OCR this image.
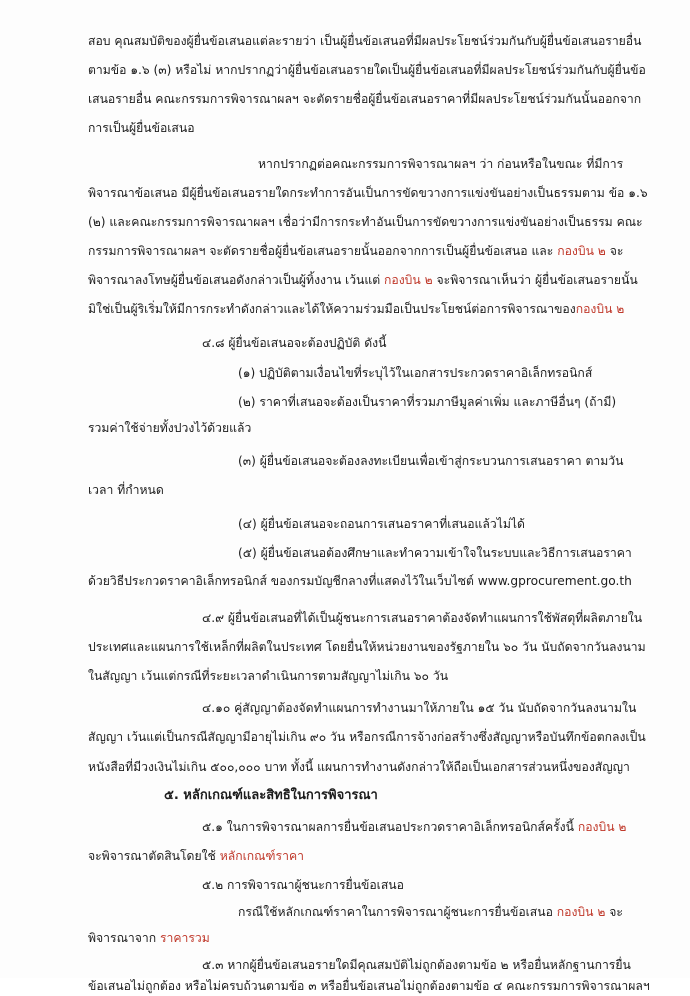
สอบ คุณสมบัติของผู้ยื่นข้อเสนอแต่ละรายว่า เป็นผู้ยื่นข้อเสนอที่มีผลประโยชน์ร่วมกันกับผู้ยื่นข้อเสนอรายอื่น
ตามข้อ ๑.๖ (๓) หรือไม่ หากปรากฏว่าผู้ยื่นข้อเสนอรายใดเป็นผู้ยื่นข้อเสนอที่มีผลประโยชน์ร่วมกันกับผู้ยื่นข้อ
เสนอรายอื่น คณะกรรมการพิจารณาผลฯ จะตัดรายชื่อผู้ยื่นข้อเสนอราคาที่มีผลประโยชน์ร่วมกันนั้นออกจาก
การเป็นผู้ยื่นข้อเสนอ
หากปรากฏต่อคณะกรรมการพิจารณาผลฯ ว่า ก่อนหรือในขณะ ที่มีการ
พิจารณาข้อเสนอ มีผู้ยื่นข้อเสนอรายใดกระทำการอันเป็นการขัดขวางการแข่งขันอย่างเป็นธรรมตาม ข้อ ๑.๖
(๒) และคณะกรรมการพิจารณาผลฯ เชื่อว่ามีการกระทำอันเป็นการขัดขวางการแข่งขันอย่างเป็นธรรม คณะ
กรรมการพิจารณาผลฯ จะตัดรายชื่อผู้ยื่นข้อเสนอรายนั้นออกจากการเป็นผู้ยื่นข้อเสนอ และ กองบิน ๒ จะ
พิจารณาลงโทษผู้ยื่นข้อเสนอดังกล่าวเป็นผู้ทิ้งงาน เว้นแต่ กองบิน ๒ จะพิจารณาเห็นว่า ผู้ยื่นข้อเสนอรายนั้น
มิใช่เป็นผู้ริเริ่มให้มีการกระทำดังกล่าวและได้ให้ความร่วมมือเป็นประโยชน์ต่อการพิจารณาของกองบิน ๒
๔.๘ ผู้ยื่นข้อเสนอจะต้องปฏิบัติ ดังนี้
(๑) ปฏิบัติตามเงื่อนไขที่ระบุไว้ในเอกสารประกวดราคาอิเล็กทรอนิกส์
(๒) ราคาที่เสนอจะต้องเป็นราคาที่รวมภาษีมูลค่าเพิ่ม และภาษีอื่นๆ (ถ้ามี)
รวมค่าใช้จ่ายทั้งปวงไว้ด้วยแล้ว
(๓) ผู้ยื่นข้อเสนอจะต้องลงทะเบียนเพื่อเข้าสู่กระบวนการเสนอราคา ตามวัน
เวลา ที่กำหนด
(๔) ผู้ยื่นข้อเสนอจะถอนการเสนอราคาที่เสนอแล้วไม่ได้
(๕) ผู้ยื่นข้อเสนอต้องศึกษาและทำความเข้าใจในระบบและวิธีการเสนอราคา
ด้วยวิธีประกวดราคาอิเล็กทรอนิกส์ ของกรมบัญชีกลางที่แสดงไว้ในเว็บไซต์ www.gprocurement.go.th
๔.๙ ผู้ยื่นข้อเสนอที่ได้เป็นผู้ชนะการเสนอราคาต้องจัดทำแผนการใช้พัสดุที่ผลิตภายใน
ประเทศและแผนการใช้เหล็กที่ผลิตในประเทศ โดยยื่นให้หน่วยงานของรัฐภายใน ๖๐ วัน นับถัดจากวันลงนาม
ในสัญญา เว้นแต่กรณีที่ระยะเวลาดำเนินการตามสัญญาไม่เกิน ๖๐ วัน
๔.๑๐ คู่สัญญาต้องจัดทำแผนการทำงานมาให้ภายใน ๑๕ วัน นับถัดจากวันลงนามใน
สัญญา เว้นแต่เป็นกรณีสัญญามีอายุไม่เกิน ๙๐ วัน หรือกรณีการจ้างก่อสร้างซึ่งสัญญาหรือบันทึกข้อตกลงเป็น
หนังสือที่มีวงเงินไม่เกิน ๕๐๐,๐๐๐ บาท ทั้งนี้ แผนการทำงานดังกล่าวให้ถือเป็นเอกสารส่วนหนึ่งของสัญญา
๕. หลักเกณฑ์และสิทธิในการพิจารณา
๕.๑ ในการพิจารณาผลการยื่นข้อเสนอประกวดราคาอิเล็กทรอนิกส์ครั้งนี้ กองบิน ๒
จะพิจารณาตัดสินโดยใช้ หลักเกณฑ์ราคา
๕.๒ การพิจารณาผู้ชนะการยื่นข้อเสนอ
กรณีใช้หลักเกณฑ์ราคาในการพิจารณาผู้ชนะการยื่นข้อเสนอ กองบิน ๒ จะ
พิจารณาจาก ราคารวม
๕.๓ หากผู้ยื่นข้อเสนอรายใดมีคุณสมบัติไม่ถูกต้องตามข้อ ๒ หรือยื่นหลักฐานการยื่น
ข้อเสนอไม่ถูกต้อง หรือไม่ครบถ้วนตามข้อ ๓ หรือยื่นข้อเสนอไม่ถูกต้องตามข้อ ๔ คณะกรรมการพิจารณาผลฯ
